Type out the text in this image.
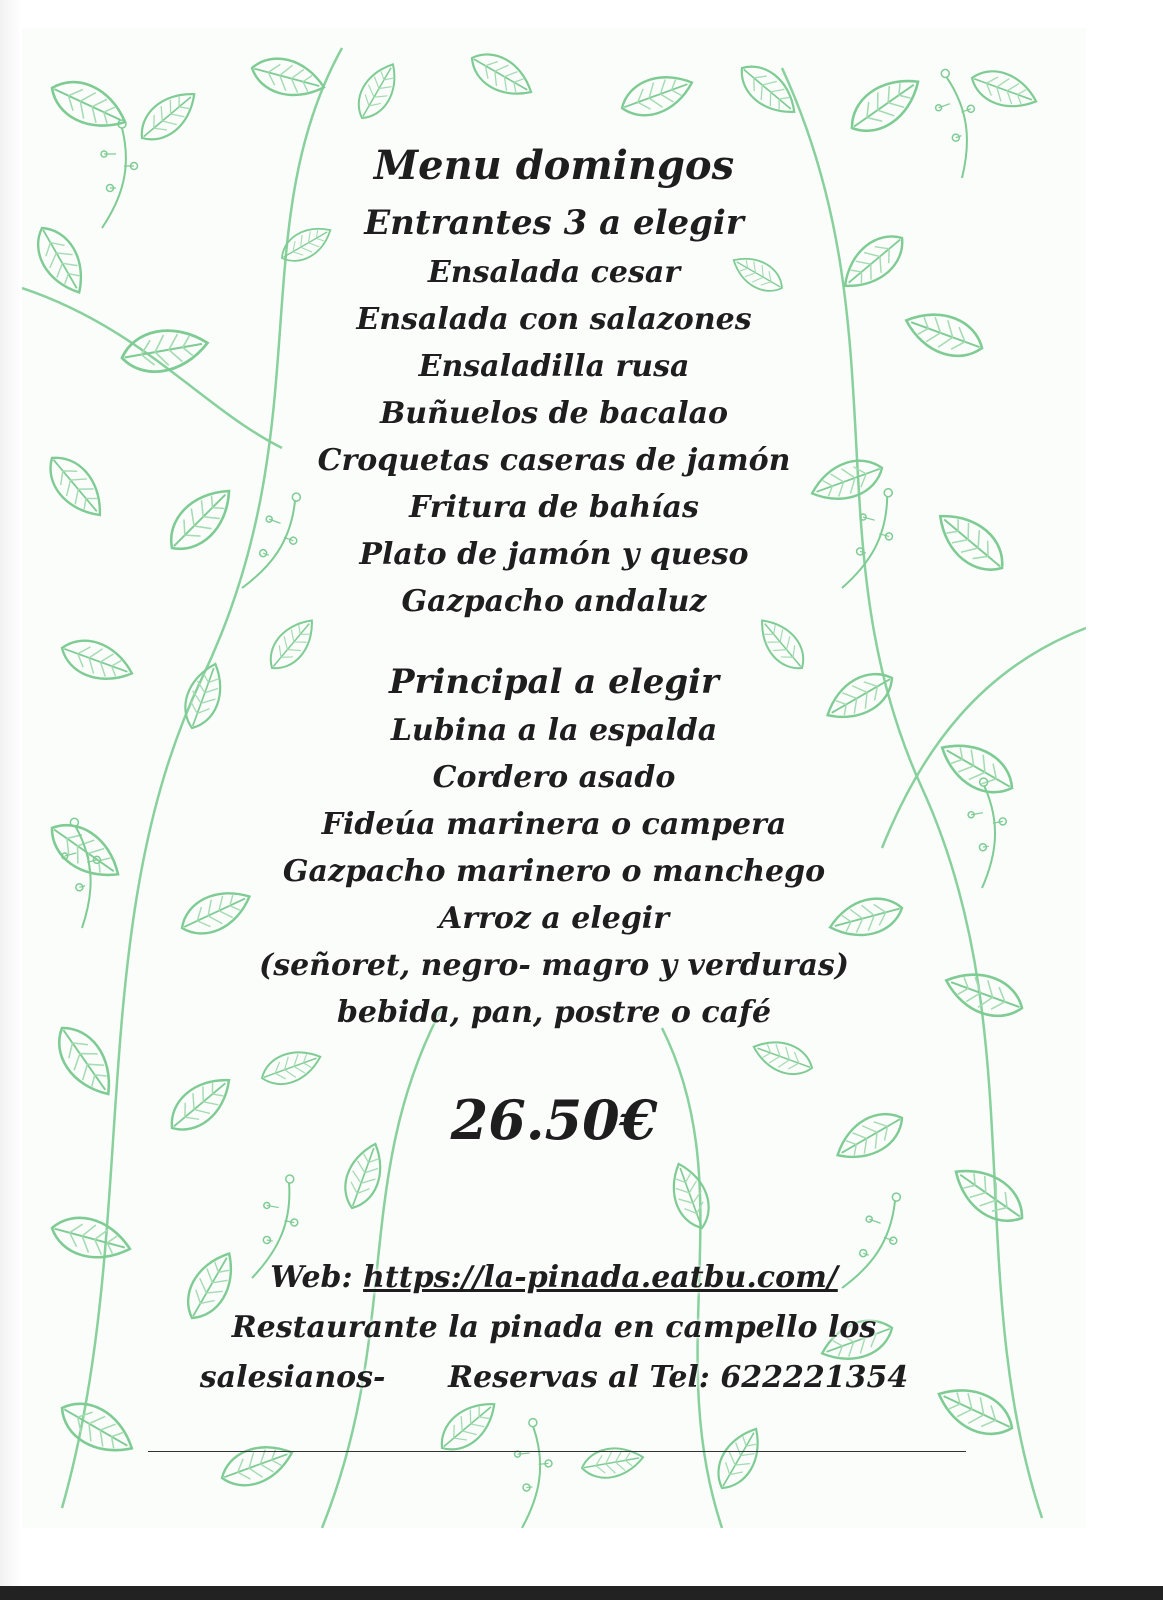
Menu domingos
Entrantes 3 a elegir
Ensalada cesar
Ensalada con salazones
Ensaladilla rusa
Buñuelos de bacalao
Croquetas caseras de jamón
Fritura de bahías
Plato de jamón y queso
Gazpacho andaluz
Principal a elegir
Lubina a la espalda
Cordero asado
Fideúa marinera o campera
Gazpacho marinero o manchego
Arroz a elegir
(señoret, negro- magro y verduras)
bebida, pan, postre o café
26.50€
Web: https://la-pinada.eatbu.com/
Restaurante la pinada en campello los
salesianos-      Reservas al Tel: 622221354
